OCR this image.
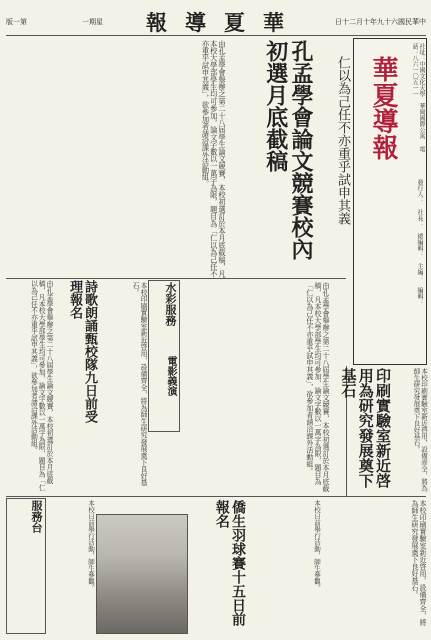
版一第	一期星 報導夏華	日十二月十年九十六國民華中
社址：中國文化大學　華岡國際公寓 電話：八六一〇五一一
華夏導報
發行人：　社長：　總編輯：　主編：　編輯：
孔孟學會論文競賽校內初選月底截稿	仁以為己任不亦重乎試申其義
由孔孟學會舉辦之第二十八屆學生論文競賽，本校初選訂於本月底截稿，凡本校大學部學生均可參加，論文字數以一萬字為限，題目為「仁以為己任不亦重乎試申其義」，欲參加者請洽課外活動組。
印刷實驗室新近啓用為研究發展奠下基石	本校印刷實驗室新近啓用，設備齊全，將為師生研究發展奠下良好基石。
由孔孟學會舉辦之第二十八屆學生論文競賽，本校初選訂於本月底截稿，凡本校大學部學生均可參加，論文字數以一萬字為限，題目為「仁以為己任不亦重乎試申其義」，欲參加者請洽課外活動組。
水彩服務
電影義演
本校印刷實驗室新近啓用，設備齊全，將為師生研究發展奠下良好基石。
詩歌朗誦甄校隊九日前受理報名
由孔孟學會舉辦之第二十八屆學生論文競賽，本校初選訂於本月底截稿，凡本校大學部學生均可參加，論文字數以一萬字為限，題目為「仁以為己任不亦重乎試申其義」，欲參加者請洽課外活動組。
僑生羽球賽十五日前報名	本校日前舉行活動，師生參觀。	本校印刷實驗室新近啓用，設備齊全，將為師生研究發展奠下良好基石。
服務台	本校日前舉行活動，師生參觀。
